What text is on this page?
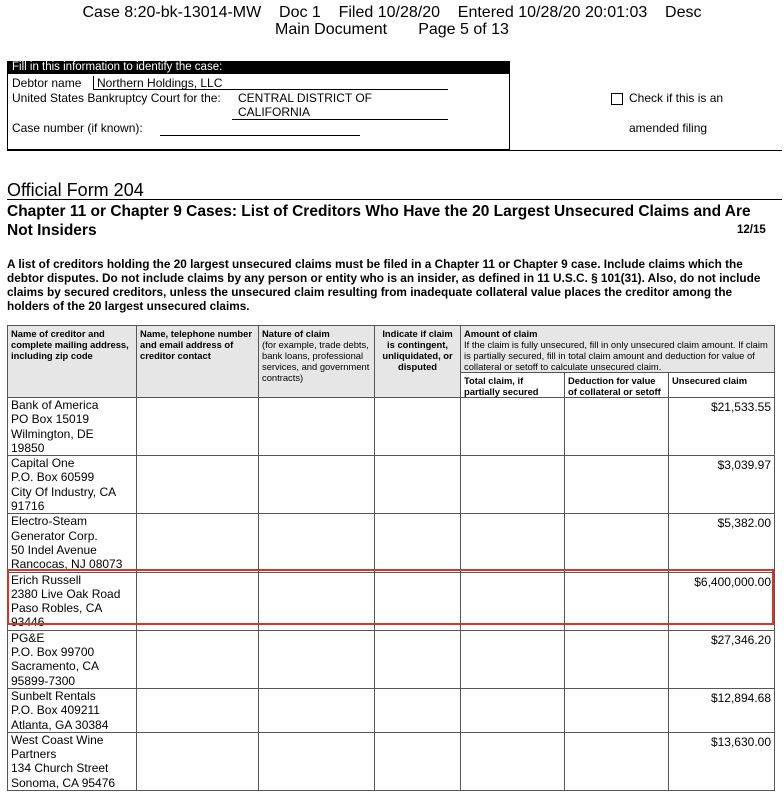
Case 8:20-bk-13014-MW    Doc 1    Filed 10/28/20    Entered 10/28/20 20:01:03    Desc
Main Document       Page 5 of 13
Fill in this information to identify the case:
Debtor name	Northern Holdings, LLC
United States Bankruptcy Court for the: CENTRAL DISTRICT OF
CALIFORNIA
Case number (if known):
Check if this is an
amended filing
Official Form 204
Chapter 11 or Chapter 9 Cases: List of Creditors Who Have the 20 Largest Unsecured Claims and Are Not Insiders	12/15
A list of creditors holding the 20 largest unsecured claims must be filed in a Chapter 11 or Chapter 9 case. Include claims which the debtor disputes. Do not include claims by any person or entity who is an insider, as defined in 11 U.S.C. § 101(31). Also, do not include claims by secured creditors, unless the unsecured claim resulting from inadequate collateral value places the creditor among the holders of the 20 largest unsecured claims.
Name of creditor and complete mailing address, including zip code	Name, telephone number and email address of creditor contact	Nature of claim
(for example, trade debts, bank loans, professional services, and government contracts)	Indicate if claim is contingent, unliquidated, or disputed	Amount of claim
If the claim is fully unsecured, fill in only unsecured claim amount. If claim is partially secured, fill in total claim amount and deduction for value of collateral or setoff to calculate unsecured claim.		
				Total claim, if partially secured	Deduction for value of collateral or setoff	Unsecured claim
Bank of America
PO Box 15019
Wilmington, DE
19850						$21,533.55
Capital One
P.O. Box 60599
City Of Industry, CA
91716						$3,039.97
Electro-Steam
Generator Corp.
50 Indel Avenue
Rancocas, NJ 08073						$5,382.00
Erich Russell
2380 Live Oak Road
Paso Robles, CA
93446						$6,400,000.00
PG&E
P.O. Box 99700
Sacramento, CA
95899-7300						$27,346.20
Sunbelt Rentals
P.O. Box 409211
Atlanta, GA 30384						$12,894.68
West Coast Wine
Partners
134 Church Street
Sonoma, CA 95476						$13,630.00
